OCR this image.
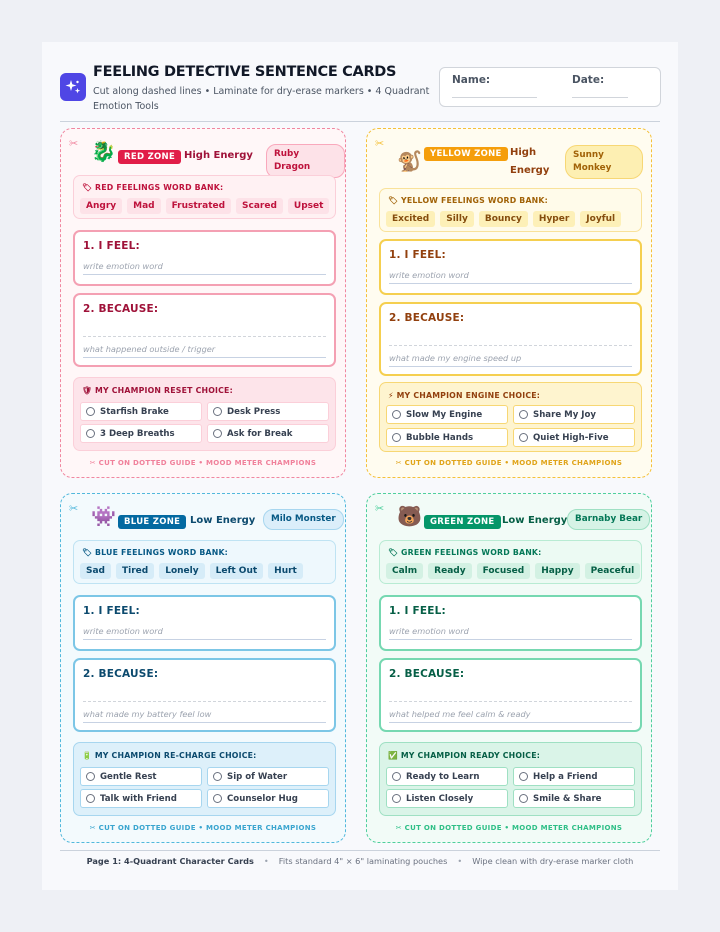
FEELING DETECTIVE SENTENCE CARDS
Cut along dashed lines • Laminate for dry-erase markers • 4 Quadrant Emotion Tools
Name:	Date:
✂ 🐉 RED ZONE High Energy	Ruby Dragon
🏷 RED FEELINGS WORD BANK:
Angry	Mad	Frustrated	Scared	Upset
1. I FEEL:
write emotion word
2. BECAUSE:
what happened outside / trigger
🛡 MY CHAMPION RESET CHOICE:
Starfish Brake	Desk Press
3 Deep Breaths	Ask for Break
✂ CUT ON DOTTED GUIDE • MOOD METER CHAMPIONS
✂
🐒 YELLOW ZONE High Energy
Sunny Monkey
🏷 YELLOW FEELINGS WORD BANK:
Excited	Silly	Bouncy	Hyper	Joyful
1. I FEEL:
write emotion word
2. BECAUSE:
what made my engine speed up
⚡ MY CHAMPION ENGINE CHOICE:
Slow My Engine	Share My Joy
Bubble Hands	Quiet High-Five
✂ CUT ON DOTTED GUIDE • MOOD METER CHAMPIONS
✂ 👾 BLUE ZONE Low Energy	Milo Monster
🏷 BLUE FEELINGS WORD BANK:
Sad	Tired	Lonely	Left Out	Hurt
1. I FEEL:
write emotion word
2. BECAUSE:
what made my battery feel low
🔋 MY CHAMPION RE-CHARGE CHOICE:
Gentle Rest	Sip of Water
Talk with Friend	Counselor Hug
✂ CUT ON DOTTED GUIDE • MOOD METER CHAMPIONS
✂ 🐻 GREEN ZONE Low Energy Barnaby Bear
🏷 GREEN FEELINGS WORD BANK:
Calm	Ready	Focused	Happy	Peaceful
1. I FEEL:
write emotion word
2. BECAUSE:
what helped me feel calm & ready
✅ MY CHAMPION READY CHOICE:
Ready to Learn	Help a Friend
Listen Closely	Smile & Share
✂ CUT ON DOTTED GUIDE • MOOD METER CHAMPIONS
Page 1: 4-Quadrant Character Cards • Fits standard 4" × 6" laminating pouches • Wipe clean with dry-erase marker cloth
